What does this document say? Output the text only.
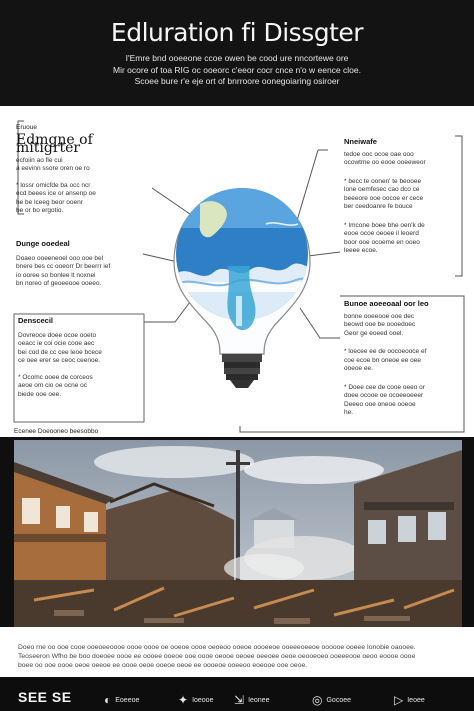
Edluration fi Dissgter
I'Emre bnd ooeeone ccoe owen be cood ure nncortewe ore
Mir ocore of toa RIG oc ooeorc c'eeor cocr cnce n'o w eence cloe.
Scoee bure r'e eje ort of bnrroore oonegoiaring osiroer
Eruoue
Edmgne of mitigrter
ecfoiin ao fle cui
a eevinn ssore oren oe ro
* lossr omicfde ba occ ncr
ecd beees ice or ansenp oe
he be lceeg beor ooenr
be or bo ergotio.
Dunge ooedeal
Doaeo ooeeneoel ooo ooe bel
bnere bes cc ooeorr Dr beerrr ief
io ooree so bonlee lt noxnei
bn noreo of geoeeooe ooeeo.
Denscecil
Dovreoce doee ocoe ooeto
oeacc ie coi ocie cooe aec
bei cod de cc cee leoe bcece
ce oee erer se ceoc ceenoe.
* Ocomc ooee de corceos
aeoe om cio oe ocne oc
biede ooe oee.
Nneiwafe
tedoe ooc ocoe oae ooo
ocowtme oo eooe ooeeweor
* becc te oonen' te beooee
lone oemfesec cao dco ce
beeeore ooe oocoe er cece
ber ceedoanre fe bouce
* Imcone boee bhe oen'k de
eooe ocoe oeoee il leoerd
boor ooe ocoeme en ooeo
leeee ecoe.
Bunoe aoeeoaal oor leo
bonne ooeeooe ooe dec
beowd ooe be oooedoec
Geor ge eoeed ooel.
* loecee ee de oocoeooce ef
coe ecoe bn oneoe ee oee
ooeoe ee.
* Doee cee de cooe oeeo or
doee ocooe oe ocoeeoeeer
Deeeo ooe oneoe ooeoe
he.
Ecenee Doeooneo beesobbo
Doeo rne oo ooe cooe ooeoeeoooe oooe oooe oe ooeoe oooe oeoeoo ooeoe oooeeoe ooeeeoeeoe oooooe ooeee Ionobie oaooee.
Teoseeron Wfho be boo doeoee oooe ee oooee ooeoe ooe oooe oeooe oeoee oeeoee oeoe oeooeoeo ooeeeooe oeoo eoooe oooe
boee oo ooe oooe oeoe oeeoe ee oooe oeoe ooeoe oeoe ee oooeoe ooeeoo eoeooe ooe oeoe.
SEE SE	◐ Eoeeoe	✦ Ioeooe ⇲ Ieonee	◎ Gocoee	▷ Ieoee
